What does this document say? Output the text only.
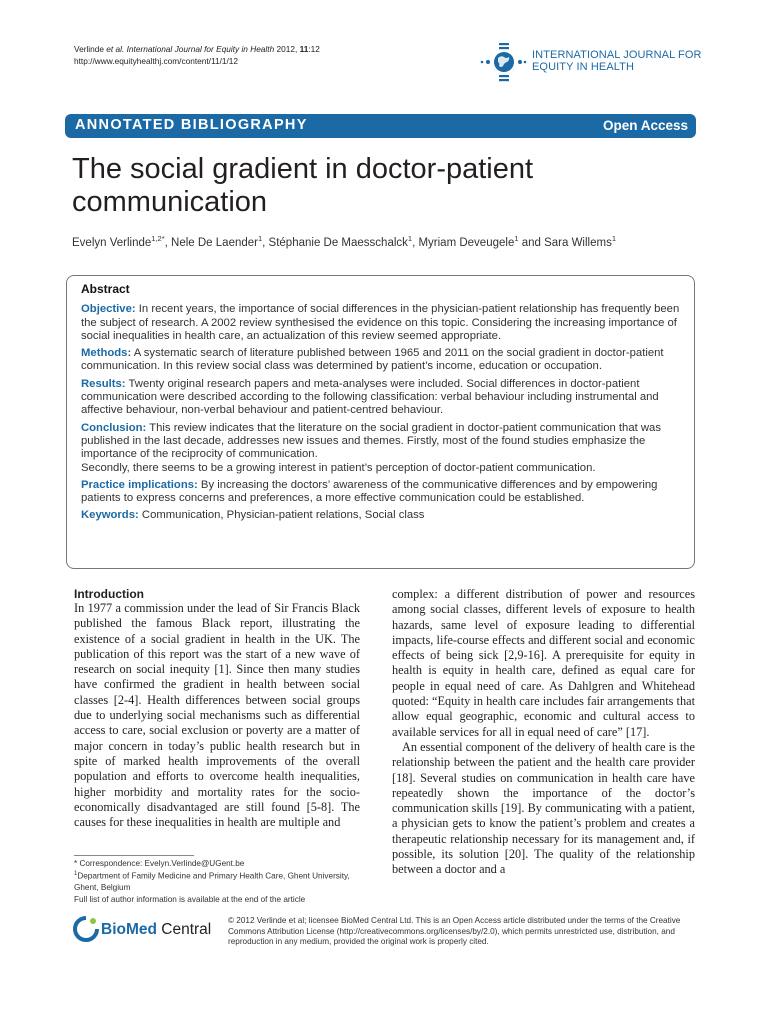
Verlinde et al. International Journal for Equity in Health 2012, 11:12
http://www.equityhealthj.com/content/11/1/12	INTERNATIONAL JOURNAL FOR
EQUITY IN HEALTH
ANNOTATED BIBLIOGRAPHY	Open Access
The social gradient in doctor-patient communication
Evelyn Verlinde$^{1,2*}$, Nele De Laender$^1$, Stéphanie De Maesschalck$^1$, Myriam Deveugele$^1$ and Sara Willems$^1$
Abstract

Objective: In recent years, the importance of social differences in the physician-patient relationship has frequently been the subject of research. A 2002 review synthesised the evidence on this topic. Considering the increasing importance of social inequalities in health care, an actualization of this review seemed appropriate.

Methods: A systematic search of literature published between 1965 and 2011 on the social gradient in doctor-patient communication. In this review social class was determined by patient’s income, education or occupation.

Results: Twenty original research papers and meta-analyses were included. Social differences in doctor-patient communication were described according to the following classification: verbal behaviour including instrumental and affective behaviour, non-verbal behaviour and patient-centred behaviour.

Conclusion: This review indicates that the literature on the social gradient in doctor-patient communication that was published in the last decade, addresses new issues and themes. Firstly, most of the found studies emphasize the importance of the reciprocity of communication.

Secondly, there seems to be a growing interest in patient’s perception of doctor-patient communication.

Practice implications: By increasing the doctors’ awareness of the communicative differences and by empowering patients to express concerns and preferences, a more effective communication could be established.

Keywords: Communication, Physician-patient relations, Social class

Introduction

In 1977 a commission under the lead of Sir Francis Black published the famous Black report, illustrating the existence of a social gradient in health in the UK. The publication of this report was the start of a new wave of research on social inequity [1]. Since then many studies have confirmed the gradient in health between social classes [2-4]. Health differences between social groups due to underlying social mechanisms such as differential access to care, social exclusion or poverty are a matter of major concern in today’s public health research but in spite of marked health improvements of the overall population and efforts to overcome health inequalities, higher morbidity and mortality rates for the socio-economically disadvantaged are still found [5-8]. The causes for these inequalities in health are multiple and

complex: a different distribution of power and resources among social classes, different levels of exposure to health hazards, same level of exposure leading to differential impacts, life-course effects and different social and economic effects of being sick [2,9-16]. A prerequisite for equity in health is equity in health care, defined as equal care for people in equal need of care. As Dahlgren and Whitehead quoted: “Equity in health care includes fair arrangements that allow equal geographic, economic and cultural access to available services for all in equal need of care” [17].

An essential component of the delivery of health care is the relationship between the patient and the health care provider [18]. Several studies on communication in health care have repeatedly shown the importance of the doctor’s communication skills [19]. By communicating with a patient, a physician gets to know the patient’s problem and creates a therapeutic relationship necessary for its management and, if possible, its solution [20]. The quality of the relationship between a doctor and a

* Correspondence: Evelyn.Verlinde@UGent.be
$^1$Department of Family Medicine and Primary Health Care, Ghent University, Ghent, Belgium
Full list of author information is available at the end of the article
BioMed Central
© 2012 Verlinde et al; licensee BioMed Central Ltd. This is an Open Access article distributed under the terms of the Creative Commons Attribution License (http://creativecommons.org/licenses/by/2.0), which permits unrestricted use, distribution, and reproduction in any medium, provided the original work is properly cited.
